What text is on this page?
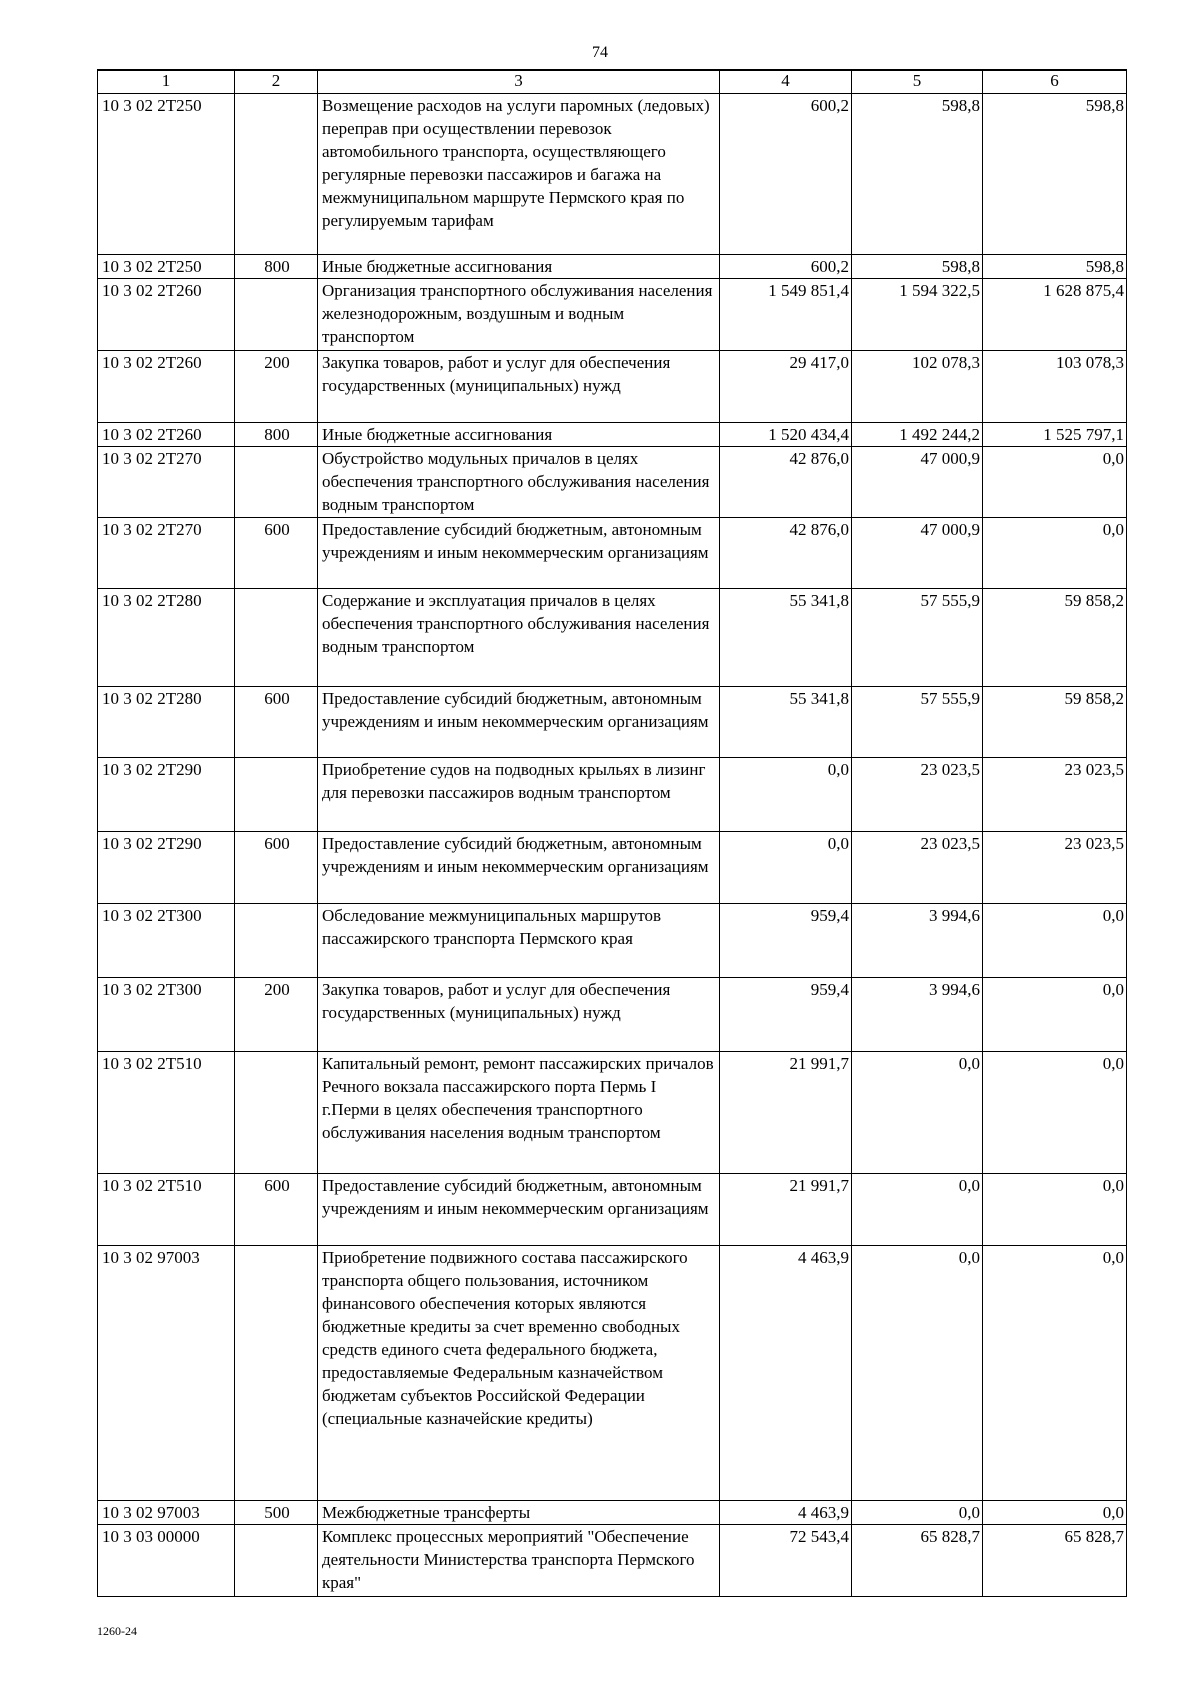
74
1	2	3	4	5	6
10 3 02 2Т250		Возмещение расходов на услуги паромных (ледовых) переправ при осуществлении перевозок автомобильного транспорта, осуществляющего регулярные перевозки пассажиров и багажа на межмуниципальном маршруте Пермского края по регулируемым тарифам	600,2	598,8	598,8
10 3 02 2Т250	800	Иные бюджетные ассигнования	600,2	598,8	598,8
10 3 02 2Т260		Организация транспортного обслуживания населения железнодорожным, воздушным и водным транспортом	1 549 851,4	1 594 322,5	1 628 875,4
10 3 02 2Т260	200	Закупка товаров, работ и услуг для обеспечения государственных (муниципальных) нужд	29 417,0	102 078,3	103 078,3
10 3 02 2Т260	800	Иные бюджетные ассигнования	1 520 434,4	1 492 244,2	1 525 797,1
10 3 02 2Т270		Обустройство модульных причалов в целях обеспечения транспортного обслуживания населения водным транспортом	42 876,0	47 000,9	0,0
10 3 02 2Т270	600	Предоставление субсидий бюджетным, автономным учреждениям и иным некоммерческим организациям	42 876,0	47 000,9	0,0
10 3 02 2Т280		Содержание и эксплуатация причалов в целях обеспечения транспортного обслуживания населения водным транспортом	55 341,8	57 555,9	59 858,2
10 3 02 2Т280	600	Предоставление субсидий бюджетным, автономным учреждениям и иным некоммерческим организациям	55 341,8	57 555,9	59 858,2
10 3 02 2Т290		Приобретение судов на подводных крыльях в лизинг для перевозки пассажиров водным транспортом	0,0	23 023,5	23 023,5
10 3 02 2Т290	600	Предоставление субсидий бюджетным, автономным учреждениям и иным некоммерческим организациям	0,0	23 023,5	23 023,5
10 3 02 2Т300		Обследование межмуниципальных маршрутов пассажирского транспорта Пермского края	959,4	3 994,6	0,0
10 3 02 2Т300	200	Закупка товаров, работ и услуг для обеспечения государственных (муниципальных) нужд	959,4	3 994,6	0,0
10 3 02 2Т510		Капитальный ремонт, ремонт пассажирских причалов Речного вокзала пассажирского порта Пермь I г.Перми в целях обеспечения транспортного обслуживания населения водным транспортом	21 991,7	0,0	0,0
10 3 02 2Т510	600	Предоставление субсидий бюджетным, автономным учреждениям и иным некоммерческим организациям	21 991,7	0,0	0,0
10 3 02 97003		Приобретение подвижного состава пассажирского транспорта общего пользования, источником финансового обеспечения которых являются бюджетные кредиты за счет временно свободных средств единого счета федерального бюджета, предоставляемые Федеральным казначейством бюджетам субъектов Российской Федерации (специальные казначейские кредиты)	4 463,9	0,0	0,0
10 3 02 97003	500	Межбюджетные трансферты	4 463,9	0,0	0,0
10 3 03 00000		Комплекс процессных мероприятий "Обеспечение деятельности Министерства транспорта Пермского края"	72 543,4	65 828,7	65 828,7
1260-24
